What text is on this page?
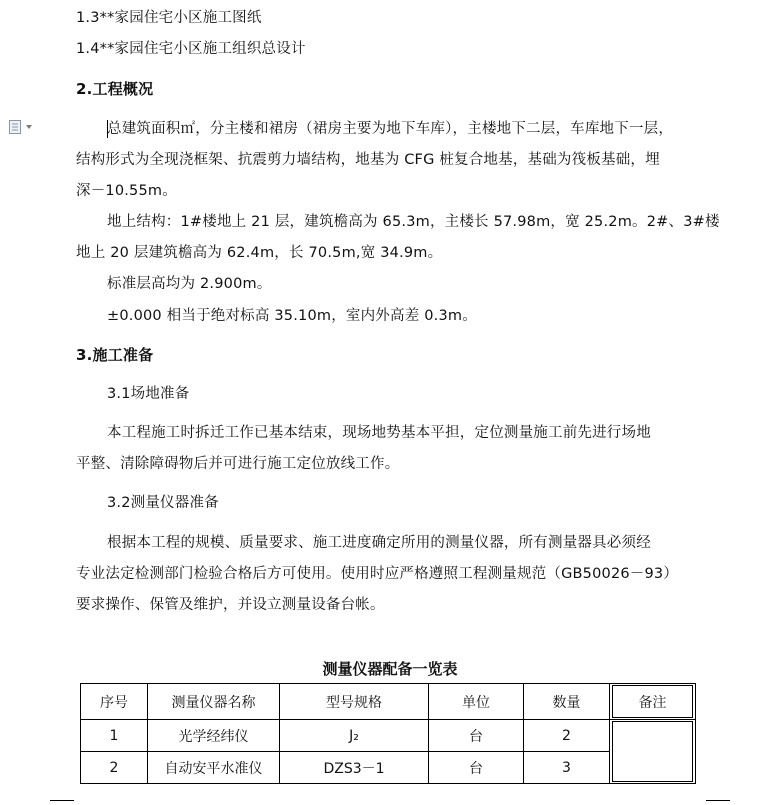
1.3**家园住宅小区施工图纸
1.4**家园住宅小区施工组织总设计
2.工程概况
总建筑面积㎡，分主楼和裙房（裙房主要为地下车库），主楼地下二层，车库地下一层，
结构形式为全现浇框架、抗震剪力墙结构，地基为 CFG 桩复合地基，基础为筏板基础，埋
深－10.55m。
地上结构：1#楼地上 21 层，建筑檐高为 65.3m，主楼长 57.98m，宽 25.2m。2#、3#楼
地上 20 层建筑檐高为 62.4m，长 70.5m,宽 34.9m。
标准层高均为 2.900m。
±0.000 相当于绝对标高 35.10m，室内外高差 0.3m。
3.施工准备
3.1场地准备
本工程施工时拆迁工作已基本结束，现场地势基本平担，定位测量施工前先进行场地
平整、清除障碍物后并可进行施工定位放线工作。
3.2测量仪器准备
根据本工程的规模、质量要求、施工进度确定所用的测量仪器，所有测量器具必须经
专业法定检测部门检验合格后方可使用。使用时应严格遵照工程测量规范（GB50026－93）
要求操作、保管及维护，并设立测量设备台帐。
测量仪器配备一览表
序号	测量仪器名称	型号规格	单位	数量	备注

1	光学经纬仪	J₂	台	2	

2	自动安平水准仪	DZS3－1	台	3	
